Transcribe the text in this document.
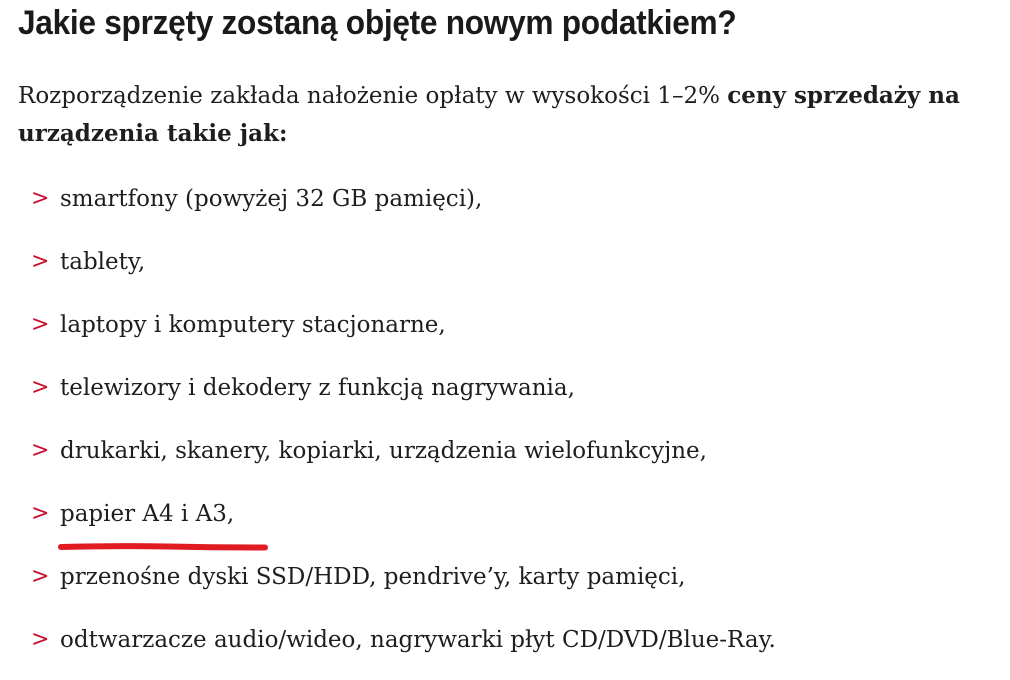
Jakie sprzęty zostaną objęte nowym podatkiem?

Rozporządzenie zakłada nałożenie opłaty w wysokości 1–2% ceny sprzedaży na urządzenia takie jak:

> smartfony (powyżej 32 GB pamięci),
> tablety,
> laptopy i komputery stacjonarne,
> telewizory i dekodery z funkcją nagrywania,
> drukarki, skanery, kopiarki, urządzenia wielofunkcyjne,
> papier A4 i A3,
> przenośne dyski SSD/HDD, pendrive’y, karty pamięci,
> odtwarzacze audio/wideo, nagrywarki płyt CD/DVD/Blue-Ray.
